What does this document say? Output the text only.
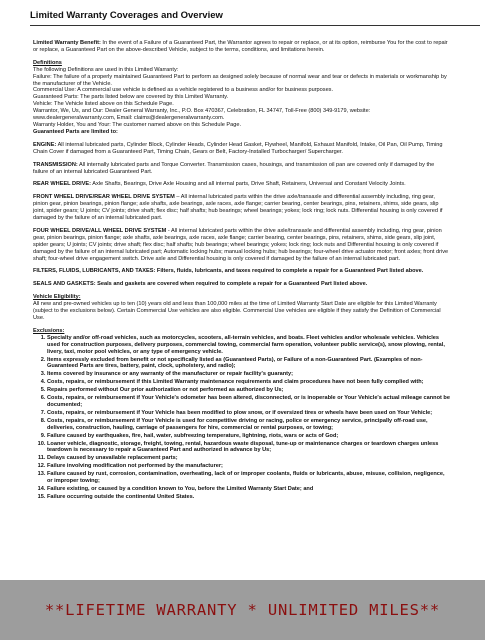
Limited Warranty Coverages and Overview

Limited Warranty Benefit: In the event of a Failure of a Guaranteed Part, the Warrantor agrees to repair or replace, or at its option, reimburse You for the cost to repair or replace, a Guaranteed Part on the above-described Vehicle, subject to the terms, conditions, and limitations herein.

Definitions
The following Definitions are used in this Limited Warranty:
Failure: The failure of a properly maintained Guaranteed Part to perform as designed solely because of normal wear and tear or defects in materials or workmanship by the manufacturer of the Vehicle.
Commercial Use: A commercial use vehicle is defined as a vehicle registered to a business and/or for business purposes.
Guaranteed Parts: The parts listed below are covered by this Limited Warranty.
Vehicle: The Vehicle listed above on this Schedule Page.
Warrantor, We, Us, and Our: Dealer General Warranty, Inc., P.O. Box 470367, Celebration, FL 34747, Toll-Free (800) 349-9179, website: www.dealergeneralwarranty.com, Email: claims@dealergeneralwarranty.com.
Warranty Holder, You and Your: The customer named above on this Schedule Page.
Guaranteed Parts are limited to:

ENGINE: All internal lubricated parts, Cylinder Block, Cylinder Heads, Cylinder Head Gasket, Flywheel, Manifold, Exhaust Manifold, Intake, Oil Pan, Oil Pump, Timing Chain Cover if damaged from a Guaranteed Part, Timing Chain, Gears or Belt, Factory-Installed Turbocharger/ Supercharger.

TRANSMISSION: All internally lubricated parts and Torque Converter. Transmission cases, housings, and transmission oil pan are covered only if damaged by the failure of an internal lubricated Guaranteed Part.

REAR WHEEL DRIVE: Axle Shafts, Bearings, Drive Axle Housing and all internal parts, Drive Shaft, Retainers, Universal and Constant Velocity Joints.

FRONT WHEEL DRIVE/REAR WHEEL DRIVE SYSTEM – All internal lubricated parts within the drive axle/transaxle and differential assembly including, ring gear, pinion gear, pinion bearings, pinion flange; axle shafts, axle bearings, axle races, axle flange; carrier bearing, center bearings, pins, retainers, shims, side gears, slip joint, spider gears; U joints; CV joints; drive shaft; flex disc; half shafts; hub bearings; wheel bearings; yokes; lock ring; lock nuts. Differential housing is only covered if damaged by the failure of an internal lubricated part.

FOUR WHEEL DRIVE/ALL WHEEL DRIVE SYSTEM - All internal lubricated parts within the drive axle/transaxle and differential assembly including, ring gear, pinion gear, pinion bearings, pinion flange; axle shafts, axle bearings, axle races, axle flange; carrier bearing, center bearings, pins, retainers, shims, side gears, slip joint, spider gears; U joints; CV joints; drive shaft; flex disc; half shafts; hub bearings; wheel bearings; yokes; lock ring; lock nuts and Differential housing is only covered if damaged by the failure of an internal lubricated part; Automatic locking hubs; manual locking hubs; hub bearings; four-wheel drive actuator motor; front axles; front drive shaft; four-wheel drive engagement switch. Drive axle and Differential housing is only covered if damaged by the failure of an internal lubricated part.

FILTERS, FLUIDS, LUBRICANTS, AND TAXES: Filters, fluids, lubricants, and taxes required to complete a repair for a Guaranteed Part listed above.

SEALS AND GASKETS: Seals and gaskets are covered when required to complete a repair for a Guaranteed Part listed above.

Vehicle Eligibility:
All new and pre-owned vehicles up to ten (10) years old and less than 100,000 miles at the time of Limited Warranty Start Date are eligible for this Limited Warranty (subject to the exclusions below). Certain Commercial Use vehicles are also eligible. Commercial Use vehicles are eligible if they satisfy the Definition of Commercial Use.
Exclusions:
1. Specialty and/or off-road vehicles, such as motorcycles, scooters, all-terrain vehicles, and boats. Fleet vehicles and/or wholesale vehicles. Vehicles used for construction purposes, delivery purposes, commercial towing, commercial farm operation, volunteer public service(s), snow plowing, rental, livery, taxi, motor pool vehicles, or any type of emergency vehicle.
2. Items expressly excluded from benefit or not specifically listed as (Guaranteed Parts), or Failure of a non-Guaranteed Part. (Examples of non-Guaranteed Parts are tires, battery, paint, clock, upholstery, and radio);
3. Items covered by insurance or any warranty of the manufacturer or repair facility's guaranty;
4. Costs, repairs, or reimbursement if this Limited Warranty maintenance requirements and claim procedures have not been fully complied with;
5. Repairs performed without Our prior authorization or not performed as authorized by Us;
6. Costs, repairs, or reimbursement if Your Vehicle's odometer has been altered, disconnected, or is inoperable or Your Vehicle's actual mileage cannot be documented;
7. Costs, repairs, or reimbursement if Your Vehicle has been modified to plow snow, or if oversized tires or wheels have been used on Your Vehicle;
8. Costs, repairs, or reimbursement if Your Vehicle is used for competitive driving or racing, police or emergency service, principally off-road use, deliveries, construction, hauling, carriage of passengers for hire, commercial or rental purposes, or towing;
9. Failure caused by earthquakes, fire, hail, water, subfreezing temperature, lightning, riots, wars or acts of God;
10. Loaner vehicle, diagnostic, storage, freight, towing, rental, hazardous waste disposal, tune-up or maintenance charges or teardown charges unless teardown is necessary to repair a Guaranteed Part and authorized in advance by Us;
11. Delays caused by unavailable replacement parts;
12. Failure involving modification not performed by the manufacturer;
13. Failure caused by rust, corrosion, contamination, overheating, lack of or improper coolants, fluids or lubricants, abuse, misuse, collision, negligence, or improper towing;
14. Failure existing, or caused by a condition known to You, before the Limited Warranty Start Date; and
15. Failure occurring outside the continental United States.
**LIFETIME WARRANTY * UNLIMITED MILES**
